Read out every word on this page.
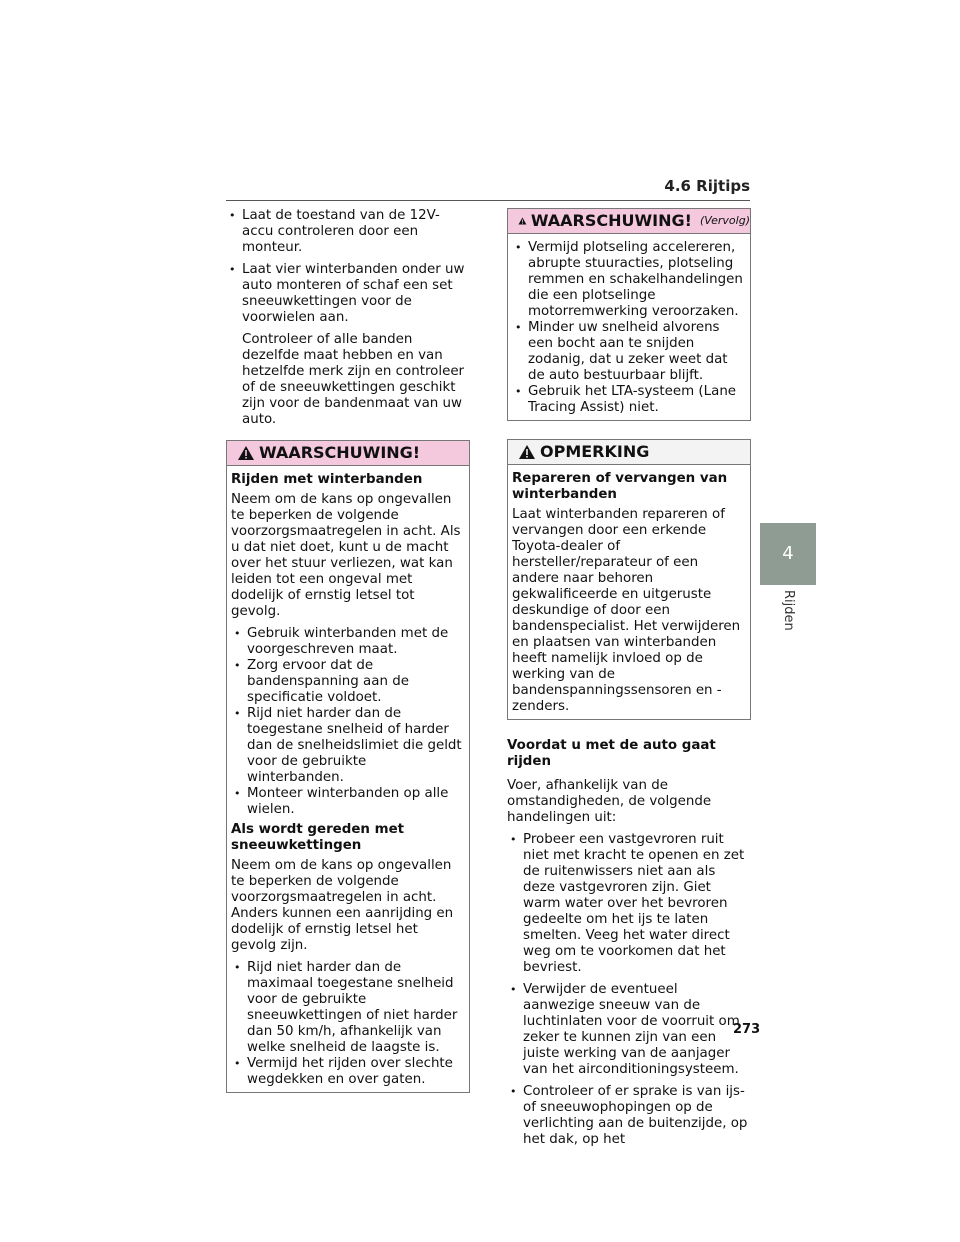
4.6 Rijtips
4
Rijden
• Laat de toestand van de 12V-accu controleren door een monteur.
• Laat vier winterbanden onder uw auto monteren of schaf een set sneeuwkettingen voor de voorwielen aan.

Controleer of alle banden dezelfde maat hebben en van hetzelfde merk zijn en controleer of de sneeuwkettingen geschikt zijn voor de bandenmaat van uw auto.

WAARSCHUWING!
Rijden met winterbanden

Neem om de kans op ongevallen te beperken de volgende voorzorgsmaatregelen in acht. Als u dat niet doet, kunt u de macht over het stuur verliezen, wat kan leiden tot een ongeval met dodelijk of ernstig letsel tot gevolg.

• Gebruik winterbanden met de voorgeschreven maat.
• Zorg ervoor dat de bandenspanning aan de specificatie voldoet.
• Rijd niet harder dan de toegestane snelheid of harder dan de snelheidslimiet die geldt voor de gebruikte winterbanden.
• Monteer winterbanden op alle wielen.
Als wordt gereden met sneeuwkettingen

Neem om de kans op ongevallen te beperken de volgende voorzorgsmaatregelen in acht. Anders kunnen een aanrijding en dodelijk of ernstig letsel het gevolg zijn.

• Rijd niet harder dan de maximaal toegestane snelheid voor de gebruikte sneeuwkettingen of niet harder dan 50 km/h, afhankelijk van welke snelheid de laagste is.
• Vermijd het rijden over slechte wegdekken en over gaten.
WAARSCHUWING! (Vervolg)
• Vermijd plotseling accelereren, abrupte stuuracties, plotseling remmen en schakelhandelingen die een plotselinge motorremwerking veroorzaken.
• Minder uw snelheid alvorens een bocht aan te snijden zodanig, dat u zeker weet dat de auto bestuurbaar blijft.
• Gebruik het LTA-systeem (Lane Tracing Assist) niet.
OPMERKING
Repareren of vervangen van winterbanden

Laat winterbanden repareren of vervangen door een erkende Toyota-dealer of hersteller/reparateur of een andere naar behoren gekwalificeerde en uitgeruste deskundige of door een bandenspecialist. Het verwijderen en plaatsen van winterbanden heeft namelijk invloed op de werking van de bandenspanningssensoren en -zenders.

Voordat u met de auto gaat rijden

Voer, afhankelijk van de omstandigheden, de volgende handelingen uit:

• Probeer een vastgevroren ruit niet met kracht te openen en zet de ruitenwissers niet aan als deze vastgevroren zijn. Giet warm water over het bevroren gedeelte om het ijs te laten smelten. Veeg het water direct weg om te voorkomen dat het bevriest.
• Verwijder de eventueel aanwezige sneeuw van de luchtinlaten voor de voorruit om zeker te kunnen zijn van een juiste werking van de aanjager van het airconditioningsysteem.
• Controleer of er sprake is van ijs- of sneeuwophopingen op de verlichting aan de buitenzijde, op het dak, op het
273
